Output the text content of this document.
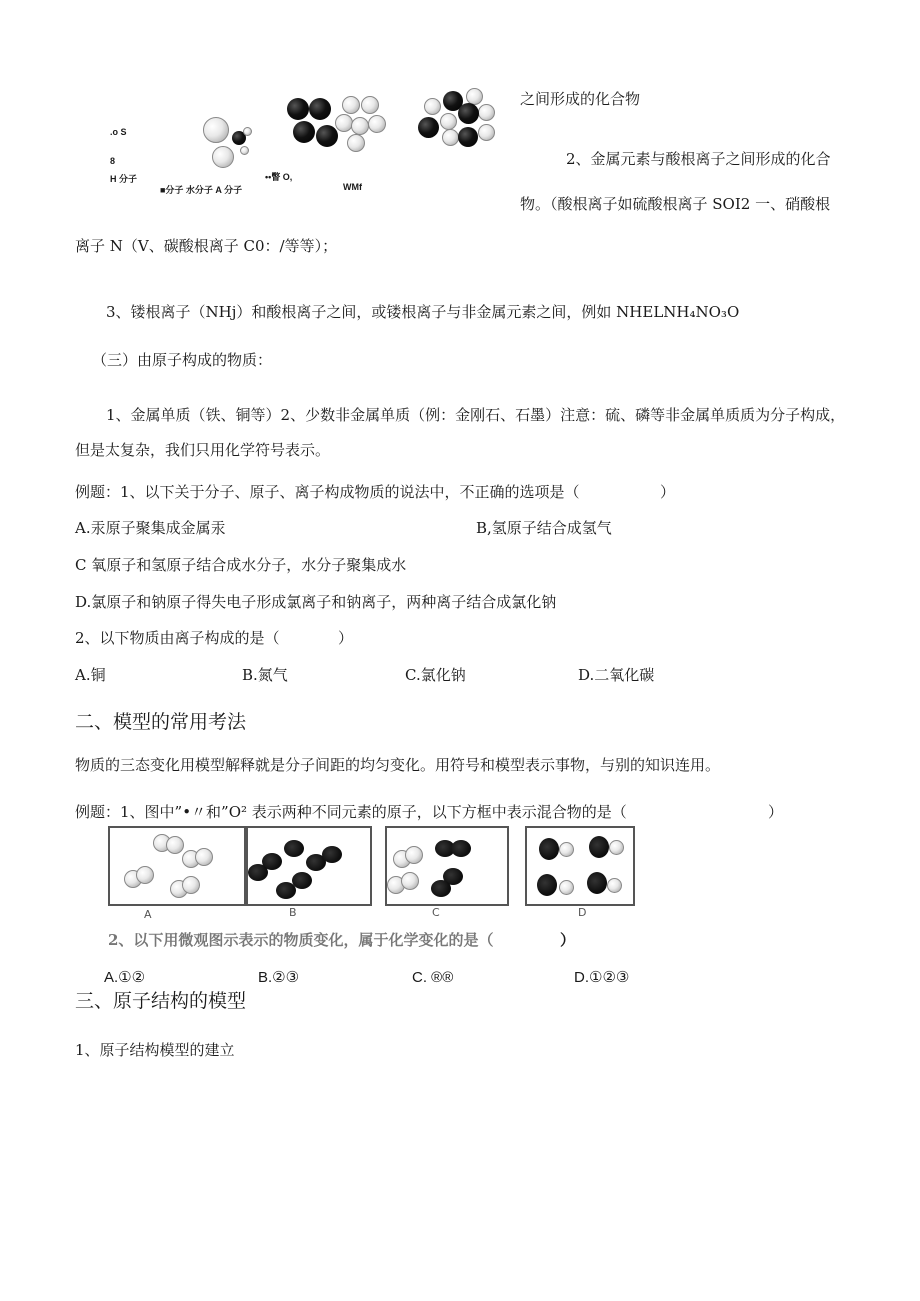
.o S
8
H 分子
■分子 水分子 A 分子
••瞥 O,
WMf
之间形成的化合物
2、金属元素与酸根离子之间形成的化合
物。（酸根离子如硫酸根离子 SOI2 一、硝酸根
离子 N（V、碳酸根离子 C0：/等等）；
3、镂根离子（NHj）和酸根离子之间，或镂根离子与非金属元素之间，例如 NHELNH₄NO₃O
（三）由原子构成的物质：
1、金属单质（铁、铜等）2、少数非金属单质（例：金刚石、石墨）注意：硫、磷等非金属单质质为分子构成，
但是太复杂，我们只用化学符号表示。
例题：1、以下关于分子、原子、离子构成物质的说法中，不正确的选项是（	）
A.汞原子聚集成金属汞	B,氢原子结合成氢气
C 氧原子和氢原子结合成水分子，水分子聚集成水
D.氯原子和钠原子得失电子形成氯离子和钠离子，两种离子结合成氯化钠
2、以下物质由离子构成的是（	）
A.铜	B.氮气	C.氯化钠	D.二氧化碳
二、模型的常用考法
物质的三态变化用模型解释就是分子间距的均匀变化。用符号和模型表示事物，与别的知识连用。
例题：1、图中”•〃和”O² 表示两种不同元素的原子，以下方框中表示混合物的是（	）
A	B	C	D
2、以下用微观图示表示的物质变化，属于化学变化的是（	）
A.①②	B.②③	C. ®®	D.①②③
三、原子结构的模型
1、原子结构模型的建立
